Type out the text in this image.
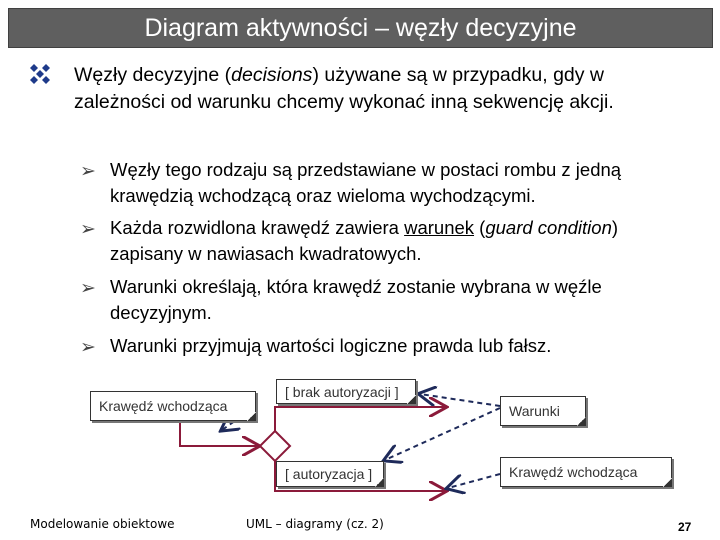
Diagram aktywności – węzły decyzyjne
Węzły decyzyjne (decisions) używane są w przypadku, gdy w zależności od warunku chcemy wykonać inną sekwencję akcji.
➢ Węzły tego rodzaju są przedstawiane w postaci rombu z jedną krawędzią wchodzącą oraz wieloma wychodzącymi.
➢ Każda rozwidlona krawędź zawiera warunek (guard condition) zapisany w nawiasach kwadratowych.
➢ Warunki określają, która krawędź zostanie wybrana w węźle decyzyjnym.
➢ Warunki przyjmują wartości logiczne prawda lub fałsz.
Krawędź wchodząca
[ brak autoryzacji ]
Warunki
[ autoryzacja ]	Krawędź wchodząca
Modelowanie obiektowe	UML – diagramy (cz. 2)	27
